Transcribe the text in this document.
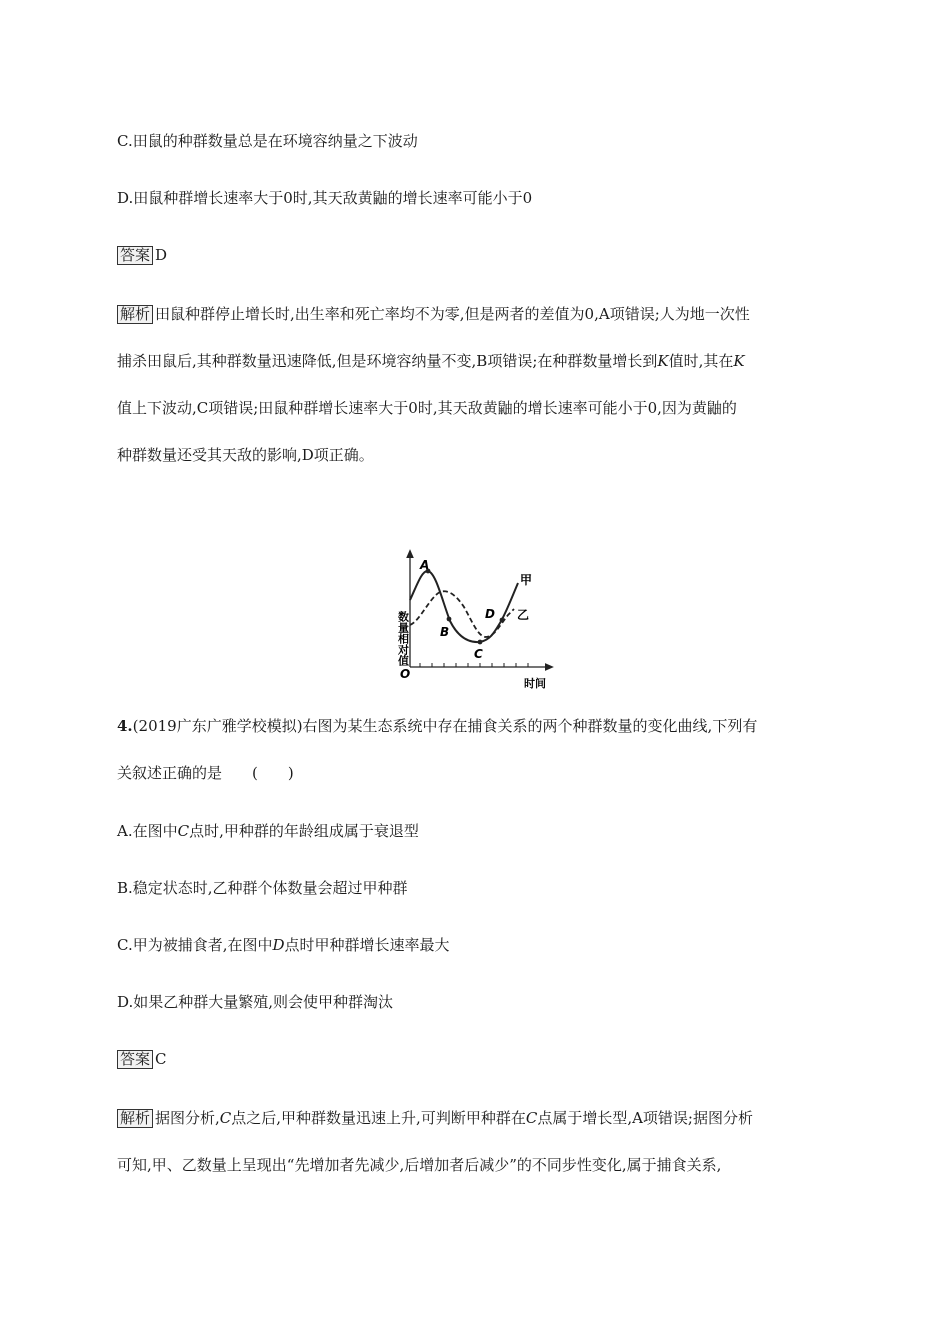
C.田鼠的种群数量总是在环境容纳量之下波动
D.田鼠种群增长速率大于0时,其天敌黄鼬的增长速率可能小于0
答案 D
解析 田鼠种群停止增长时,出生率和死亡率均不为零,但是两者的差值为0,A项错误;人为地一次性
捕杀田鼠后,其种群数量迅速降低,但是环境容纳量不变,B项错误;在种群数量增长到K值时,其在K
值上下波动,C项错误;田鼠种群增长速率大于0时,其天敌黄鼬的增长速率可能小于0,因为黄鼬的
种群数量还受其天敌的影响,D项正确。
数量相对值
时间
O
A
B
C
D
甲
乙
4.(2019广东广雅学校模拟)右图为某生态系统中存在捕食关系的两个种群数量的变化曲线,下列有
关叙述正确的是　　(　　)
A.在图中C点时,甲种群的年龄组成属于衰退型
B.稳定状态时,乙种群个体数量会超过甲种群
C.甲为被捕食者,在图中D点时甲种群增长速率最大
D.如果乙种群大量繁殖,则会使甲种群淘汰
答案 C
解析 据图分析,C点之后,甲种群数量迅速上升,可判断甲种群在C点属于增长型,A项错误;据图分析
可知,甲、乙数量上呈现出“先增加者先减少,后增加者后减少”的不同步性变化,属于捕食关系,
